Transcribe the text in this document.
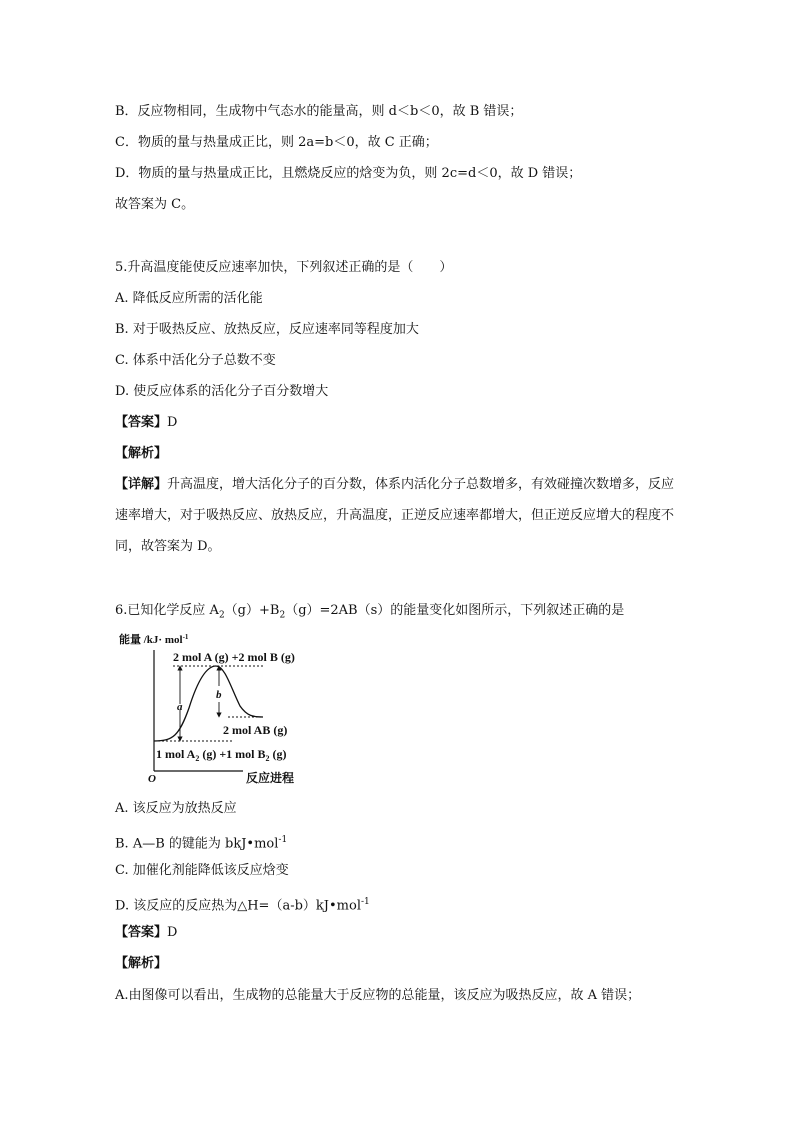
B．反应物相同，生成物中气态水的能量高，则 d＜b＜0，故 B 错误；
C．物质的量与热量成正比，则 2a=b＜0，故 C 正确；
D．物质的量与热量成正比，且燃烧反应的焓变为负，则 2c=d＜0，故 D 错误；
故答案为 C。
5.升高温度能使反应速率加快，下列叙述正确的是（　　）
A. 降低反应所需的活化能
B. 对于吸热反应、放热反应，反应速率同等程度加大
C. 体系中活化分子总数不变
D. 使反应体系的活化分子百分数增大
【答案】D
【解析】
【详解】升高温度，增大活化分子的百分数，体系内活化分子总数增多，有效碰撞次数增多，反应速率增大，对于吸热反应、放热反应，升高温度，正逆反应速率都增大，但正逆反应增大的程度不同，故答案为 D。
6.已知化学反应 $A_2(g)+B_2(g)=2AB(s)$的能量变化如图所示，下列叙述正确的是
能量 /kJ· mol$^{-1}$
O	反应进程
a
b
2 mol A (g) +2 mol B (g)
2 mol AB (g)
1 mol $A_2$ (g) +1 mol $B_2$ (g)
A. 该反应为放热反应
B. A—B 的键能为 bkJ•mol$^{-1}$
C. 加催化剂能降低该反应焓变
D. 该反应的反应热为△H=（a-b）kJ•mol$^{-1}$
【答案】D
【解析】
A.由图像可以看出，生成物的总能量大于反应物的总能量，该反应为吸热反应，故 A 错误；
